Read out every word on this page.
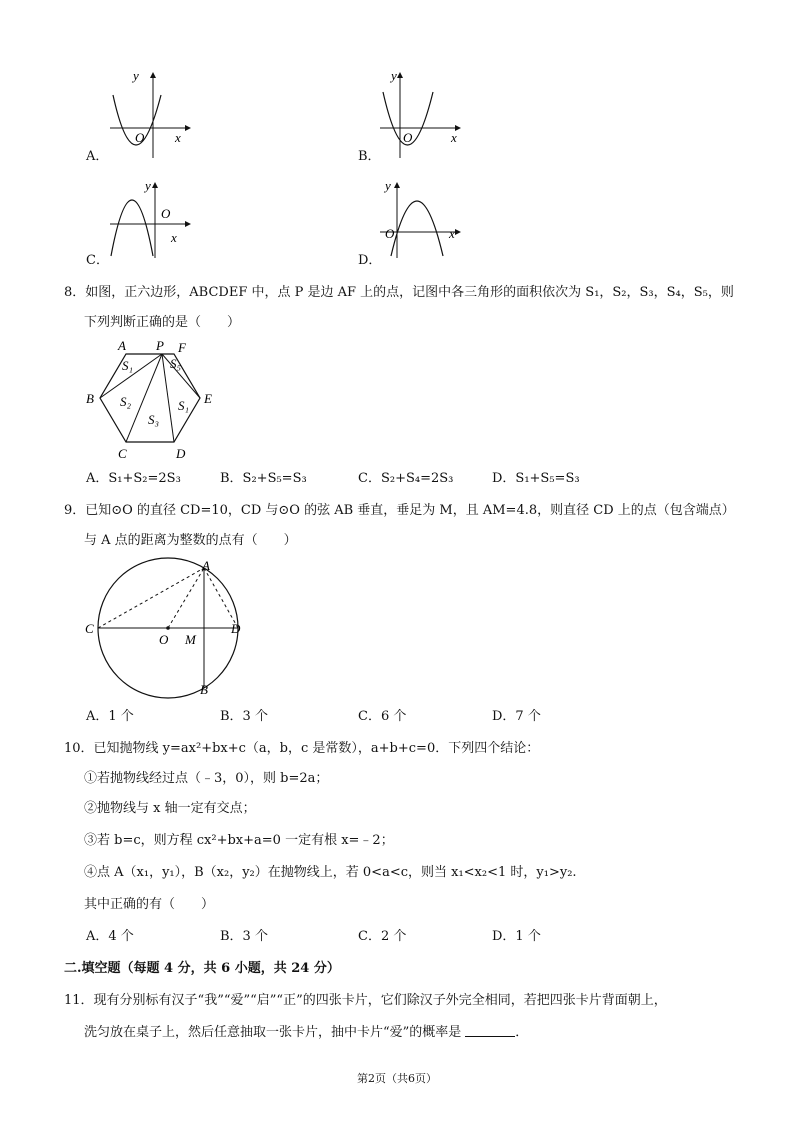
y
O x
A．
y
O	x
B．
y
O
x
C．
y
O	x
D．
8．如图，正六边形，ABCDEF 中，点 P 是边 AF 上的点，记图中各三角形的面积依次为 S₁，S₂，S₃，S₄，S₅，则
下列判断正确的是（　　）
A P F
B	E
C	D
S₁
S₂
S₃
S₁
S₅
A．S₁+S₂=2S₃	B．S₂+S₅=S₃	C．S₂+S₄=2S₃	D．S₁+S₅=S₃
9．已知⊙O 的直径 CD=10，CD 与⊙O 的弦 AB 垂直，垂足为 M，且 AM=4.8，则直径 CD 上的点（包含端点）
与 A 点的距离为整数的点有（　　）
A
B
C	D
O M
A．1 个	B．3 个	C．6 个	D．7 个
10．已知抛物线 y=ax²+bx+c（a，b，c 是常数），a+b+c=0．下列四个结论：
①若抛物线经过点（﹣3，0），则 b=2a；
②抛物线与 x 轴一定有交点；
③若 b=c，则方程 cx²+bx+a=0 一定有根 x=﹣2；
④点 A（x₁，y₁），B（x₂，y₂）在抛物线上，若 0<a<c，则当 x₁<x₂<1 时，y₁>y₂.
其中正确的有（　　）
A．4 个	B．3 个	C．2 个	D．1 个
二.填空题（每题 4 分，共 6 小题，共 24 分）
11．现有分别标有汉子“我”“爱”“启”“正”的四张卡片，它们除汉子外完全相同，若把四张卡片背面朝上，
洗匀放在桌子上，然后任意抽取一张卡片，抽中卡片“爱”的概率是	．
第2页（共6页）
